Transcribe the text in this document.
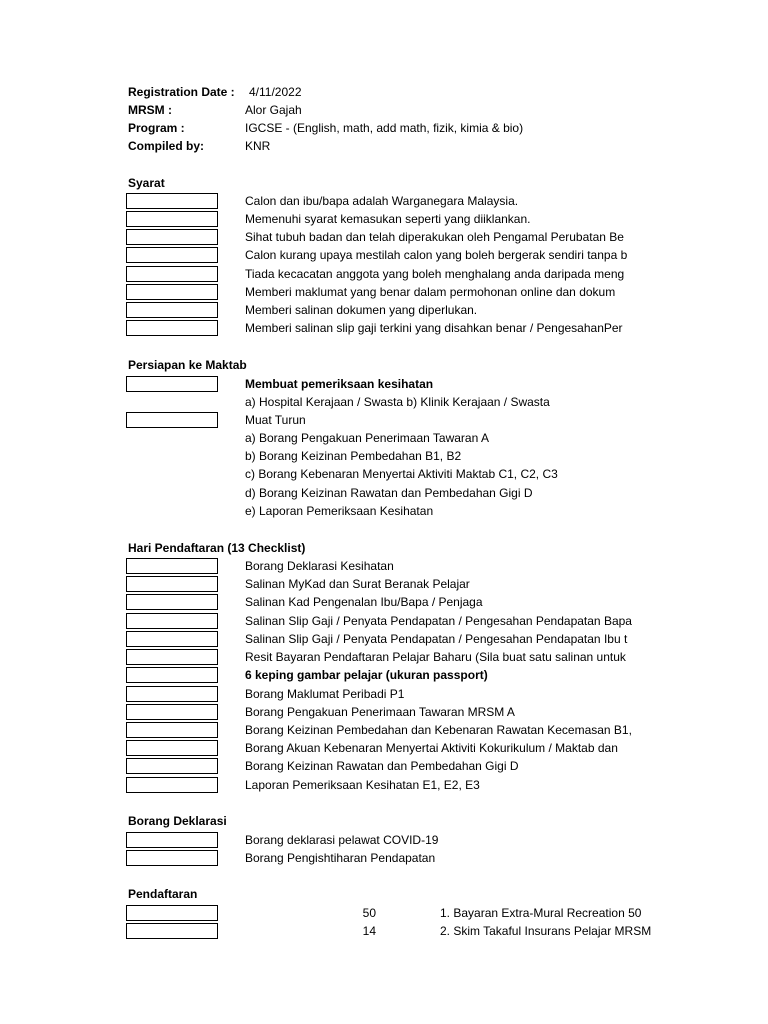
Registration Date : 4/11/2022
MRSM :	Alor Gajah
Program :	IGCSE - (English, math, add math, fizik, kimia & bio)
Compiled by:	KNR
Syarat
Calon dan ibu/bapa adalah Warganegara Malaysia.
Memenuhi syarat kemasukan seperti yang diiklankan.
Sihat tubuh badan dan telah diperakukan oleh Pengamal Perubatan Be
Calon kurang upaya mestilah calon yang boleh bergerak sendiri tanpa b
Tiada kecacatan anggota yang boleh menghalang anda daripada meng
Memberi maklumat yang benar dalam permohonan online dan dokum
Memberi salinan dokumen yang diperlukan.
Memberi salinan slip gaji terkini yang disahkan benar / PengesahanPer
Persiapan ke Maktab
Membuat pemeriksaan kesihatan
a) Hospital Kerajaan / Swasta b) Klinik Kerajaan / Swasta
Muat Turun
a) Borang Pengakuan Penerimaan Tawaran A
b) Borang Keizinan Pembedahan B1, B2
c) Borang Kebenaran Menyertai Aktiviti Maktab C1, C2, C3
d) Borang Keizinan Rawatan dan Pembedahan Gigi D
e) Laporan Pemeriksaan Kesihatan
Hari Pendaftaran (13 Checklist)
Borang Deklarasi Kesihatan
Salinan MyKad dan Surat Beranak Pelajar
Salinan Kad Pengenalan Ibu/Bapa / Penjaga
Salinan Slip Gaji / Penyata Pendapatan / Pengesahan Pendapatan Bapa
Salinan Slip Gaji / Penyata Pendapatan / Pengesahan Pendapatan Ibu t
Resit Bayaran Pendaftaran Pelajar Baharu (Sila buat satu salinan untuk
6 keping gambar pelajar (ukuran passport)
Borang Maklumat Peribadi P1
Borang Pengakuan Penerimaan Tawaran MRSM A
Borang Keizinan Pembedahan dan Kebenaran Rawatan Kecemasan B1,
Borang Akuan Kebenaran Menyertai Aktiviti Kokurikulum / Maktab dan
Borang Keizinan Rawatan dan Pembedahan Gigi D
Laporan Pemeriksaan Kesihatan E1, E2, E3
Borang Deklarasi
Borang deklarasi pelawat COVID-19
Borang Pengishtiharan Pendapatan
Pendaftaran
50	1. Bayaran Extra-Mural Recreation 50
14	2. Skim Takaful Insurans Pelajar MRSM
